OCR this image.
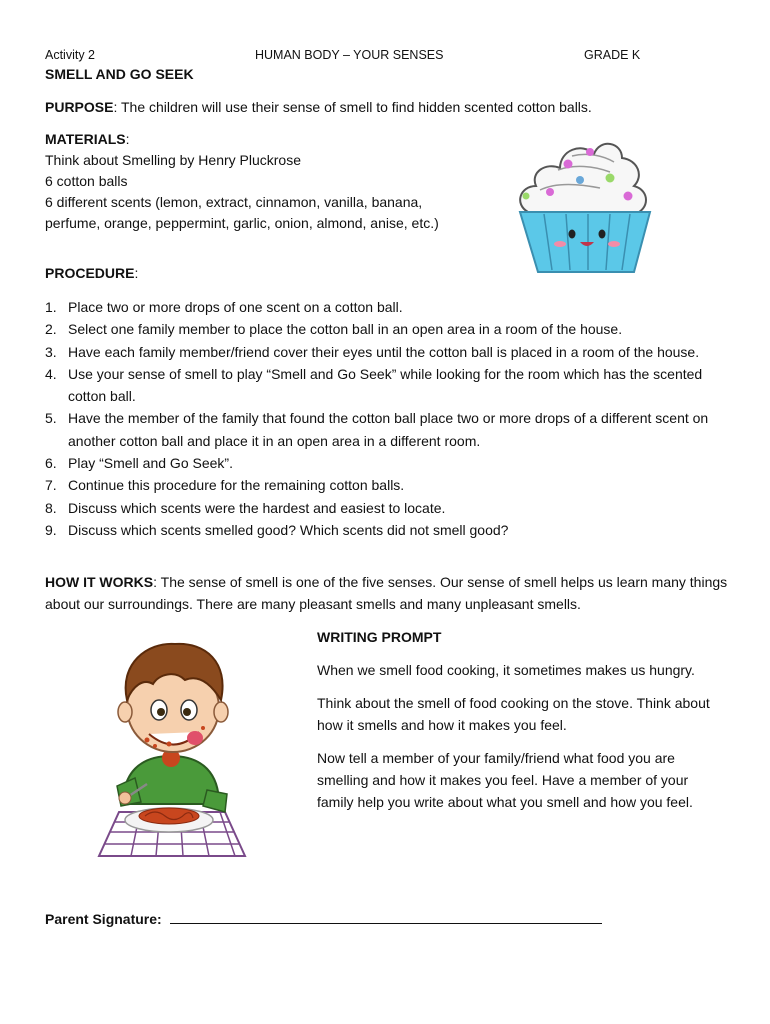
Activity 2	HUMAN BODY – YOUR SENSES	GRADE K
SMELL AND GO SEEK
PURPOSE: The children will use their sense of smell to find hidden scented cotton balls.
MATERIALS:
Think about Smelling by Henry Pluckrose
6 cotton balls
6 different scents (lemon, extract, cinnamon, vanilla, banana,
perfume, orange, peppermint, garlic, onion, almond, anise, etc.)
PROCEDURE:
1. Place two or more drops of one scent on a cotton ball.
2. Select one family member to place the cotton ball in an open area in a room of the house.
3. Have each family member/friend cover their eyes until the cotton ball is placed in a room of the house.
4. Use your sense of smell to play “Smell and Go Seek” while looking for the room which has the scented cotton ball.
5. Have the member of the family that found the cotton ball place two or more drops of a different scent on another cotton ball and place it in an open area in a different room.
6. Play “Smell and Go Seek”.
7. Continue this procedure for the remaining cotton balls.
8. Discuss which scents were the hardest and easiest to locate.
9. Discuss which scents smelled good? Which scents did not smell good?
HOW IT WORKS: The sense of smell is one of the five senses. Our sense of smell helps us learn many things about our surroundings. There are many pleasant smells and many unpleasant smells.

WRITING PROMPT

When we smell food cooking, it sometimes makes us hungry.

Think about the smell of food cooking on the stove. Think about how it smells and how it makes you feel.

Now tell a member of your family/friend what food you are smelling and how it makes you feel. Have a member of your family help you write about what you smell and how you feel.

Parent Signature:
